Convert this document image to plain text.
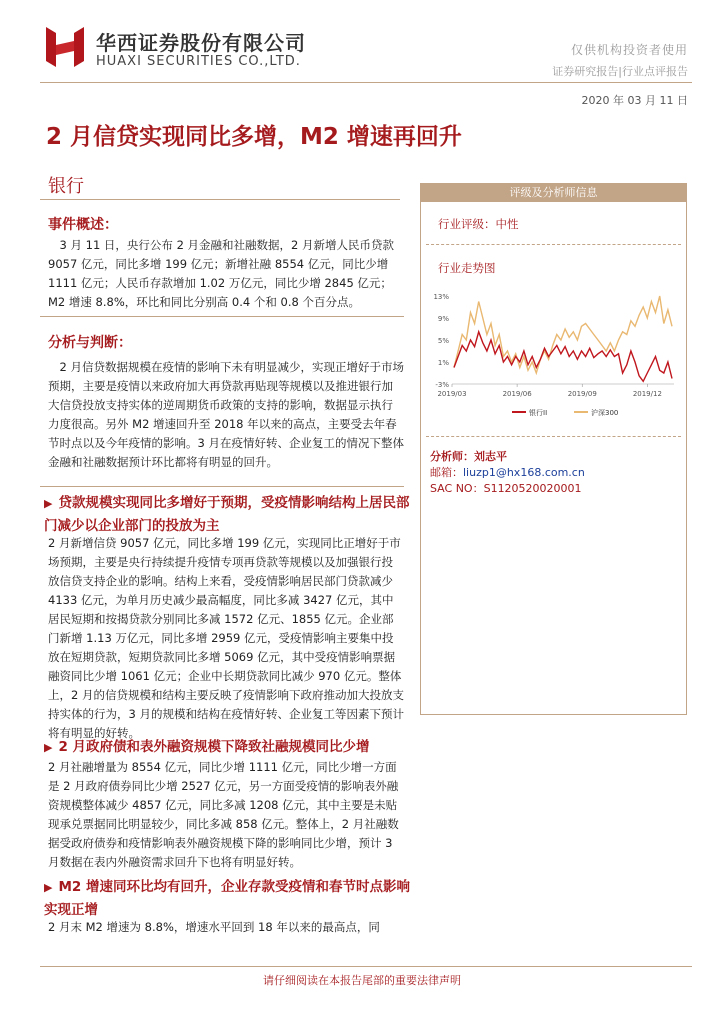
华西证券股份有限公司
HUAXI SECURITIES CO.,LTD.
仅供机构投资者使用
证券研究报告|行业点评报告
2020 年 03 月 11 日
2 月信贷实现同比多增，M2 增速再回升
银行
事件概述：

3 月 11 日，央行公布 2 月金融和社融数据，2 月新增人民币贷款 9057 亿元，同比多增 199 亿元；新增社融 8554 亿元，同比少增 1111 亿元；人民币存款增加 1.02 万亿元，同比少增 2845 亿元；M2 增速 8.8%，环比和同比分别高 0.4 个和 0.8 个百分点。

分析与判断：

2 月信贷数据规模在疫情的影响下未有明显减少，实现正增好于市场预期，主要是疫情以来政府加大再贷款再贴现等规模以及推进银行加大信贷投放支持实体的逆周期货币政策的支持的影响，数据显示执行力度很高。另外 M2 增速回升至 2018 年以来的高点，主要受去年春节时点以及今年疫情的影响。3 月在疫情好转、企业复工的情况下整体金融和社融数据预计环比都将有明显的回升。

▶ 贷款规模实现同比多增好于预期，受疫情影响结构上居民部门减少以企业部门的投放为主

2 月新增信贷 9057 亿元，同比多增 199 亿元，实现同比正增好于市场预期，主要是央行持续提升疫情专项再贷款等规模以及加强银行投放信贷支持企业的影响。结构上来看，受疫情影响居民部门贷款减少 4133 亿元，为单月历史减少最高幅度，同比多减 3427 亿元，其中居民短期和按揭贷款分别同比多减 1572 亿元、1855 亿元。企业部门新增 1.13 万亿元，同比多增 2959 亿元，受疫情影响主要集中投放在短期贷款，短期贷款同比多增 5069 亿元，其中受疫情影响票据融资同比少增 1061 亿元；企业中长期贷款同比减少 970 亿元。整体上，2 月的信贷规模和结构主要反映了疫情影响下政府推动加大投放支持实体的行为，3 月的规模和结构在疫情好转、企业复工等因素下预计将有明显的好转。

▶ 2 月政府债和表外融资规模下降致社融规模同比少增

2 月社融增量为 8554 亿元，同比少增 1111 亿元，同比少增一方面是 2 月政府债券同比少增 2527 亿元，另一方面受疫情的影响表外融资规模整体减少 4857 亿元，同比多减 1208 亿元，其中主要是未贴现承兑票据同比明显较少，同比多减 858 亿元。整体上，2 月社融数据受政府债券和疫情影响表外融资规模下降的影响同比少增，预计 3 月数据在表内外融资需求回升下也将有明显好转。

▶ M2 增速同环比均有回升，企业存款受疫情和春节时点影响实现正增

2 月末 M2 增速为 8.8%，增速水平回到 18 年以来的最高点，同

评级及分析师信息
行业评级：中性
行业走势图
13%
9%
5%
1%
-3%
2019/03	2019/06	2019/09	2019/12
银行II	沪深300
分析师：刘志平
邮箱：liuzp1@hx168.com.cn
SAC NO：S1120520020001
请仔细阅读在本报告尾部的重要法律声明
